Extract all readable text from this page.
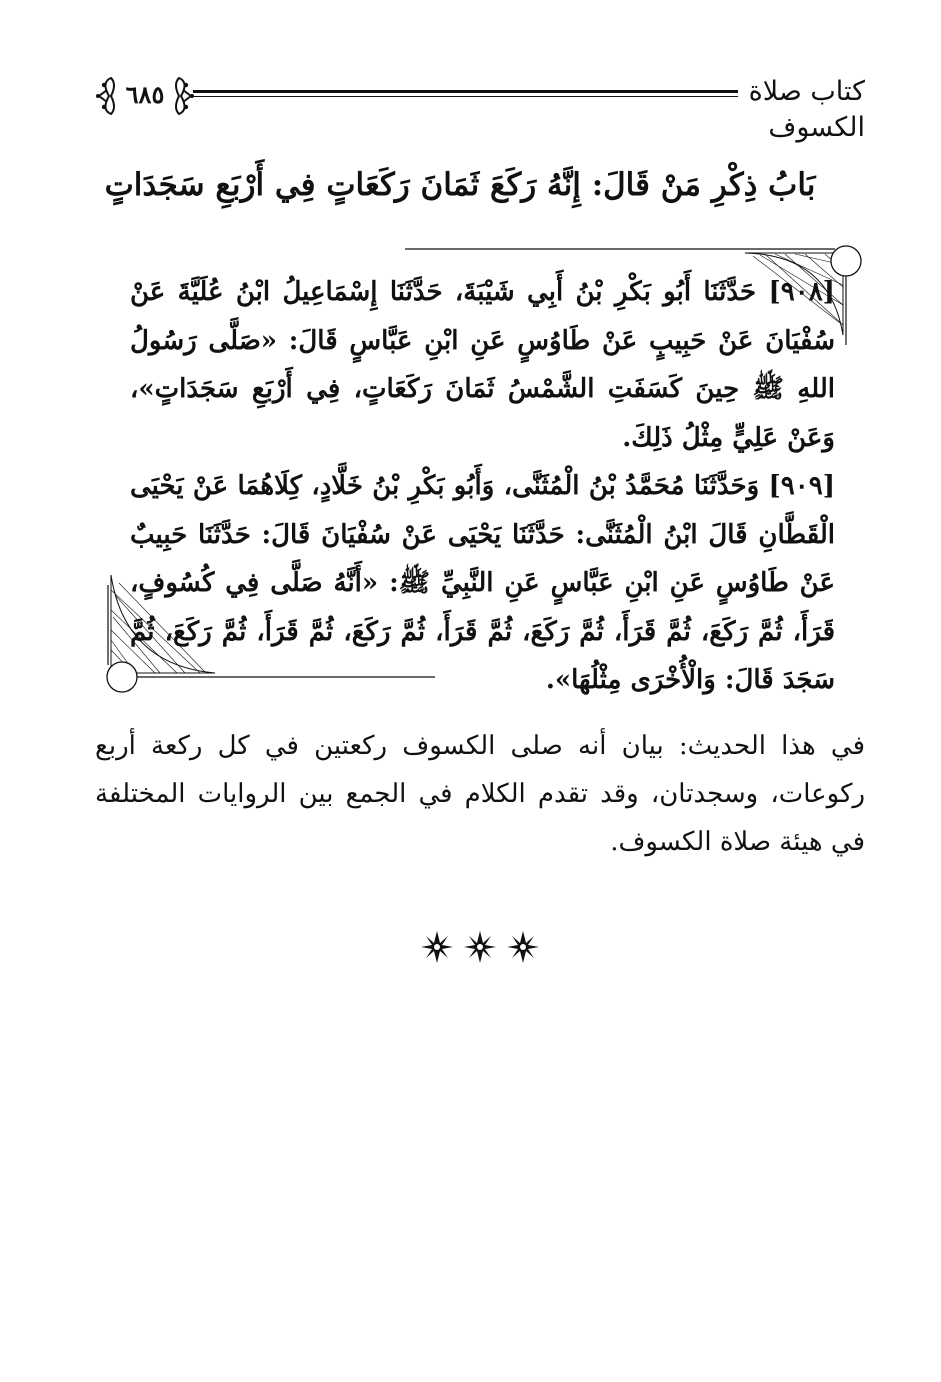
٦٨٥	كتاب صلاة الكسوف
بَابُ ذِكْرِ مَنْ قَالَ: إِنَّهُ رَكَعَ ثَمَانَ رَكَعَاتٍ فِي أَرْبَعِ سَجَدَاتٍ

[٩٠٨] حَدَّثَنَا أَبُو بَكْرِ بْنُ أَبِي شَيْبَةَ، حَدَّثَنَا إِسْمَاعِيلُ ابْنُ عُلَيَّةَ عَنْ سُفْيَانَ عَنْ حَبِيبٍ عَنْ طَاوُسٍ عَنِ ابْنِ عَبَّاسٍ قَالَ: «صَلَّى رَسُولُ اللهِ ﷺ حِينَ كَسَفَتِ الشَّمْسُ ثَمَانَ رَكَعَاتٍ، فِي أَرْبَعِ سَجَدَاتٍ»، وَعَنْ عَلِيٍّ مِثْلُ ذَلِكَ.

[٩٠٩] وَحَدَّثَنَا مُحَمَّدُ بْنُ الْمُثَنَّى، وَأَبُو بَكْرِ بْنُ خَلَّادٍ، كِلَاهُمَا عَنْ يَحْيَى الْقَطَّانِ قَالَ ابْنُ الْمُثَنَّى: حَدَّثَنَا يَحْيَى عَنْ سُفْيَانَ قَالَ: حَدَّثَنَا حَبِيبٌ عَنْ طَاوُسٍ عَنِ ابْنِ عَبَّاسٍ عَنِ النَّبِيِّ ﷺ: «أَنَّهُ صَلَّى فِي كُسُوفٍ، قَرَأَ، ثُمَّ رَكَعَ، ثُمَّ قَرَأَ، ثُمَّ رَكَعَ، ثُمَّ قَرَأَ، ثُمَّ رَكَعَ، ثُمَّ قَرَأَ، ثُمَّ رَكَعَ، ثُمَّ سَجَدَ قَالَ: وَالْأُخْرَى مِثْلُهَا».

في هذا الحديث: بيان أنه صلى الكسوف ركعتين في كل ركعة أربع ركوعات، وسجدتان، وقد تقدم الكلام في الجمع بين الروايات المختلفة في هيئة صلاة الكسوف.
